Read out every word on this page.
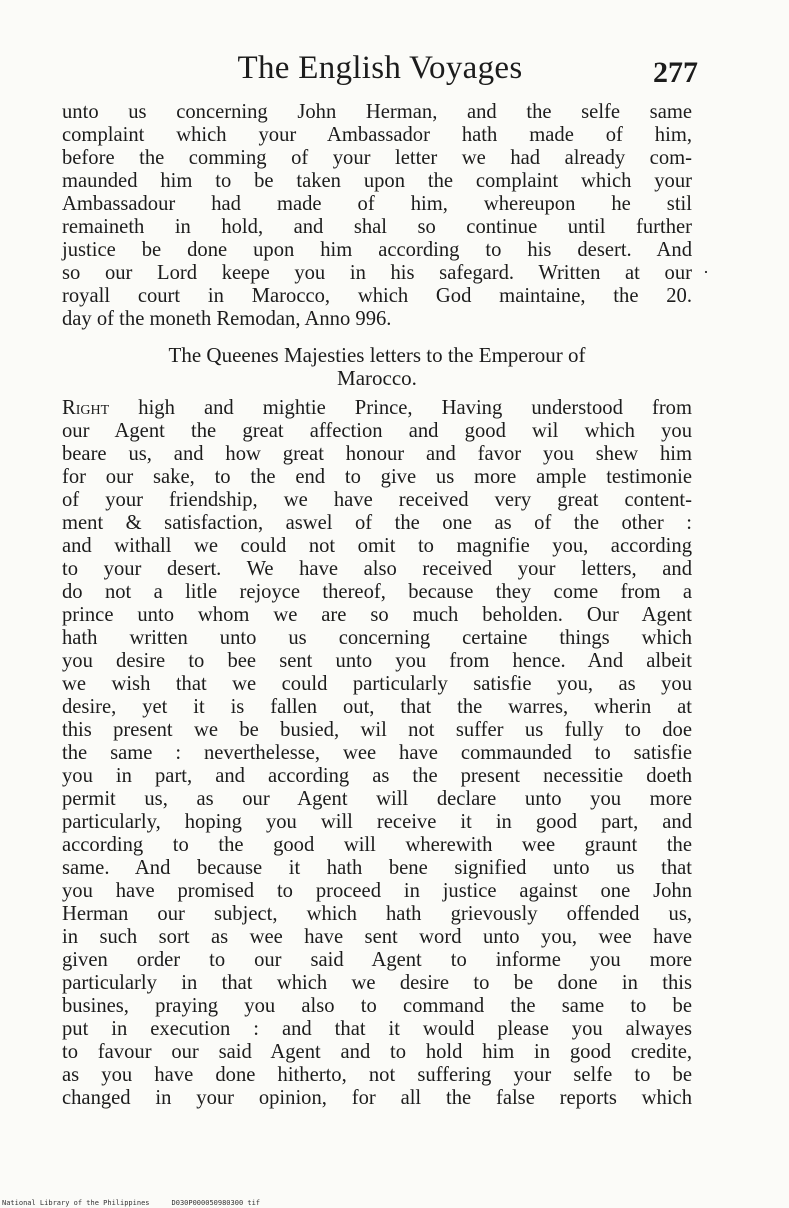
The English Voyages	277
unto us concerning John Herman, and the selfe same
complaint which your Ambassador hath made of him,
before the comming of your letter we had already com-
maunded him to be taken upon the complaint which your
Ambassadour had made of him, whereupon he stil
remaineth in hold, and shal so continue until further
justice be done upon him according to his desert. And
so our Lord keepe you in his safegard. Written at our
royall court in Marocco, which God maintaine, the 20.
day of the moneth Remodan, Anno 996.
·
The Queenes Majesties letters to the Emperour of
Marocco.
Right high and mightie Prince, Having understood from
our Agent the great affection and good wil which you
beare us, and how great honour and favor you shew him
for our sake, to the end to give us more ample testimonie
of your friendship, we have received very great content-
ment & satisfaction, aswel of the one as of the other :
and withall we could not omit to magnifie you, according
to your desert. We have also received your letters, and
do not a litle rejoyce thereof, because they come from a
prince unto whom we are so much beholden. Our Agent
hath written unto us concerning certaine things which
you desire to bee sent unto you from hence. And albeit
we wish that we could particularly satisfie you, as you
desire, yet it is fallen out, that the warres, wherin at
this present we be busied, wil not suffer us fully to doe
the same : neverthelesse, wee have commaunded to satisfie
you in part, and according as the present necessitie doeth
permit us, as our Agent will declare unto you more
particularly, hoping you will receive it in good part, and
according to the good will wherewith wee graunt the
same. And because it hath bene signified unto us that
you have promised to proceed in justice against one John
Herman our subject, which hath grievously offended us,
in such sort as wee have sent word unto you, wee have
given order to our said Agent to informe you more
particularly in that which we desire to be done in this
busines, praying you also to command the same to be
put in execution : and that it would please you alwayes
to favour our said Agent and to hold him in good credite,
as you have done hitherto, not suffering your selfe to be
changed in your opinion, for all the false reports which
National Library of the Philippines	D030P000050980300 tif
